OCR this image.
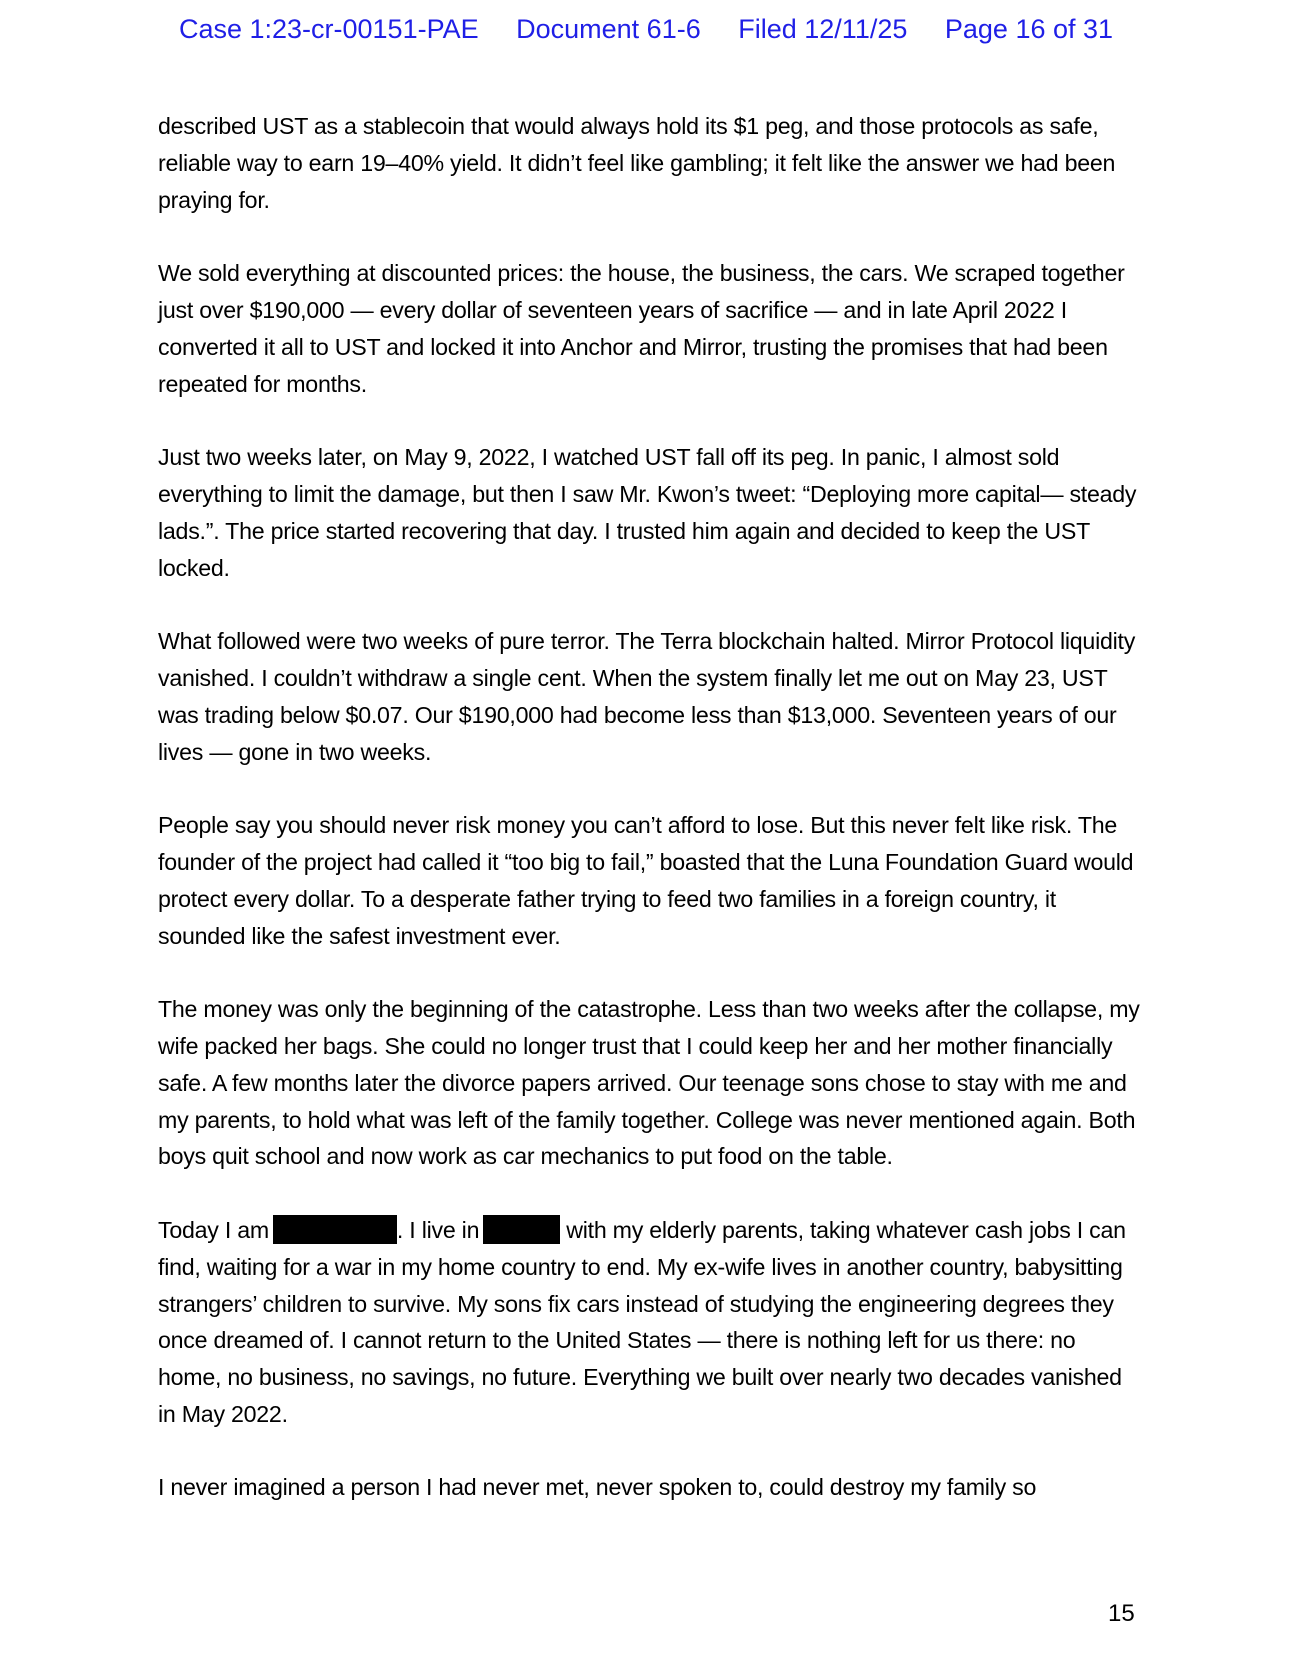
Case 1:23-cr-00151-PAE Document 61-6 Filed 12/11/25 Page 16 of 31

described UST as a stablecoin that would always hold its $1 peg, and those protocols as safe, reliable way to earn 19–40% yield. It didn’t feel like gambling; it felt like the answer we had been praying for.

We sold everything at discounted prices: the house, the business, the cars. We scraped together just over $190,000 — every dollar of seventeen years of sacrifice — and in late April 2022 I converted it all to UST and locked it into Anchor and Mirror, trusting the promises that had been repeated for months.

Just two weeks later, on May 9, 2022, I watched UST fall off its peg. In panic, I almost sold everything to limit the damage, but then I saw Mr. Kwon’s tweet: “Deploying more capital— steady lads.”. The price started recovering that day. I trusted him again and decided to keep the UST locked.

What followed were two weeks of pure terror. The Terra blockchain halted. Mirror Protocol liquidity vanished. I couldn’t withdraw a single cent. When the system finally let me out on May 23, UST was trading below $0.07. Our $190,000 had become less than $13,000. Seventeen years of our lives — gone in two weeks.

People say you should never risk money you can’t afford to lose. But this never felt like risk. The founder of the project had called it “too big to fail,” boasted that the Luna Foundation Guard would protect every dollar. To a desperate father trying to feed two families in a foreign country, it sounded like the safest investment ever.

The money was only the beginning of the catastrophe. Less than two weeks after the collapse, my wife packed her bags. She could no longer trust that I could keep her and her mother financially safe. A few months later the divorce papers arrived. Our teenage sons chose to stay with me and my parents, to hold what was left of the family together. College was never mentioned again. Both boys quit school and now work as car mechanics to put food on the table.

Today I am	. I live in	with my elderly parents, taking whatever cash jobs I can find, waiting for a war in my home country to end. My ex-wife lives in another country, babysitting strangers’ children to survive. My sons fix cars instead of studying the engineering degrees they once dreamed of. I cannot return to the United States — there is nothing left for us there: no home, no business, no savings, no future. Everything we built over nearly two decades vanished in May 2022.

I never imagined a person I had never met, never spoken to, could destroy my family so

15
